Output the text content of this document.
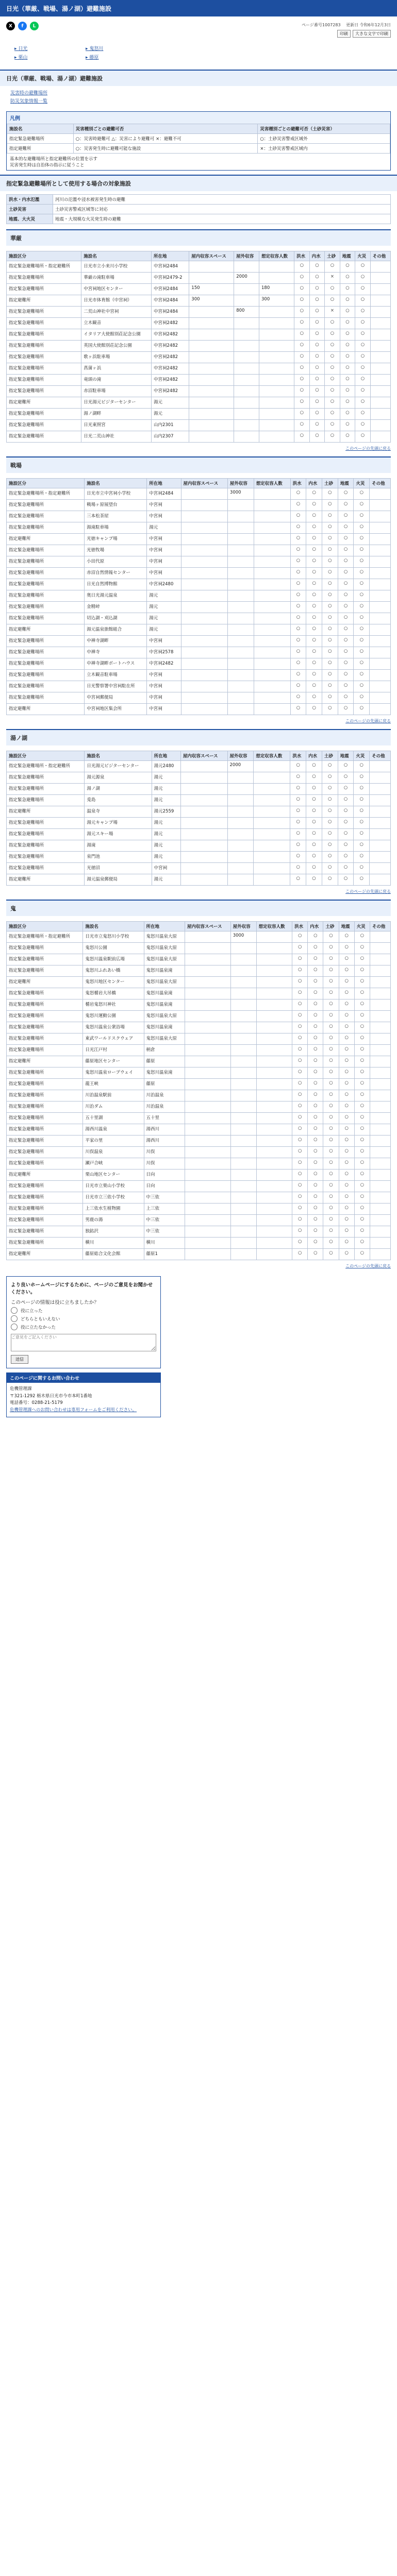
日光（華厳、戦場、湯ノ湖）避難施設
X	f	L	ページ番号1007283 更新日 令和6年12月3日
印刷	大きな文字で印刷
▸ 日光	▸ 鬼怒川
▸ 栗山	▸ 藤原
日光（華厳、戦場、湯ノ湖）避難施設
災害時の避難場所
防災気象情報一覧
凡例
施設名	災害種別ごとの避難可否	災害種別ごとの避難可否（土砂災害）
指定緊急避難場所	○：災害時避難可 △：災害により避難可 ×：避難不可	○：土砂災害警戒区域外
指定避難所	○：災害発生時に避難可能な施設	×：土砂災害警戒区域内
基本的な避難場所と指定避難所の位置を示す
災害発生時は自治体の指示に従うこと
指定緊急避難場所として使用する場合の対象施設
洪水・内水氾濫	河川の氾濫や浸水被害発生時の避難
土砂災害	土砂災害警戒区域等に対応
地震、大火災	地震・大規模な火災発生時の避難
華厳
施設区分	施設名	所在地	屋内収容スペース	屋外収容	想定収容人数	洪水	内水	土砂	地震	火災	その他
指定緊急避難場所・指定避難所	日光市立小来川小学校	中宮祠2484				○	○	○	○	○	
指定緊急避難場所	華厳の滝駐車場	中宮祠2479-2		2000		○	○	×	○	○	
指定緊急避難場所	中宮祠地区センター	中宮祠2484	150		180	○	○	○	○	○	
指定避難所	日光市体育館（中宮祠）	中宮祠2484	300		300	○	○	○	○	○	
指定緊急避難場所	二荒山神社中宮祠	中宮祠2484		800		○	○	×	○	○	
指定緊急避難場所	立木観音	中宮祠2482				○	○	○	○	○	
指定緊急避難場所	イタリア大使館別荘記念公園	中宮祠2482				○	○	○	○	○	
指定緊急避難場所	英国大使館別荘記念公園	中宮祠2482				○	○	○	○	○	
指定緊急避難場所	歌ヶ浜駐車場	中宮祠2482				○	○	○	○	○	
指定緊急避難場所	菖蒲ヶ浜	中宮祠2482				○	○	○	○	○	
指定緊急避難場所	竜頭の滝	中宮祠2482				○	○	○	○	○	
指定緊急避難場所	赤沼駐車場	中宮祠2482				○	○	○	○	○	
指定避難所	日光湯元ビジターセンター	湯元				○	○	○	○	○	
指定緊急避難場所	湯ノ湖畔	湯元				○	○	○	○	○	
指定緊急避難場所	日光東照宮	山内2301				○	○	○	○	○	
指定緊急避難場所	日光二荒山神社	山内2307				○	○	○	○	○	
このページの先頭に戻る
戦場
施設区分	施設名	所在地	屋内収容スペース	屋外収容	想定収容人数	洪水	内水	土砂	地震	火災	その他
指定緊急避難場所・指定避難所	日光市立中宮祠小学校	中宮祠2484		3000		○	○	○	○	○	
指定緊急避難場所	戦場ヶ原展望台	中宮祠				○	○	○	○	○	
指定緊急避難場所	三本松茶屋	中宮祠				○	○	○	○	○	
指定緊急避難場所	湯滝駐車場	湯元				○	○	○	○	○	
指定避難所	光徳キャンプ場	中宮祠				○	○	○	○	○	
指定緊急避難場所	光徳牧場	中宮祠				○	○	○	○	○	
指定緊急避難場所	小田代原	中宮祠				○	○	○	○	○	
指定緊急避難場所	赤沼自然情報センター	中宮祠				○	○	○	○	○	
指定緊急避難場所	日光自然博物館	中宮祠2480				○	○	○	○	○	
指定緊急避難場所	奥日光湯元温泉	湯元				○	○	○	○	○	
指定緊急避難場所	金精峠	湯元				○	○	○	○	○	
指定緊急避難場所	切込湖・刈込湖	湯元				○	○	○	○	○	
指定避難所	湯元温泉旅館組合	湯元				○	○	○	○	○	
指定緊急避難場所	中禅寺湖畔	中宮祠				○	○	○	○	○	
指定緊急避難場所	中禅寺	中宮祠2578				○	○	○	○	○	
指定緊急避難場所	中禅寺湖畔ボートハウス	中宮祠2482				○	○	○	○	○	
指定緊急避難場所	立木観音駐車場	中宮祠				○	○	○	○	○	
指定緊急避難場所	日光警察署中宮祠駐在所	中宮祠				○	○	○	○	○	
指定緊急避難場所	中宮祠郵便局	中宮祠				○	○	○	○	○	
指定避難所	中宮祠地区集会所	中宮祠				○	○	○	○	○	
このページの先頭に戻る
湯ノ湖
施設区分	施設名	所在地	屋内収容スペース	屋外収容	想定収容人数	洪水	内水	土砂	地震	火災	その他
指定緊急避難場所・指定避難所	日光湯元ビジターセンター	湯元2480		2000		○	○	○	○	○	
指定緊急避難場所	湯元源泉	湯元				○	○	○	○	○	
指定緊急避難場所	湯ノ湖	湯元				○	○	○	○	○	
指定緊急避難場所	兎島	湯元				○	○	○	○	○	
指定避難所	温泉寺	湯元2559				○	○	○	○	○	
指定緊急避難場所	湯元キャンプ場	湯元				○	○	○	○	○	
指定緊急避難場所	湯元スキー場	湯元				○	○	○	○	○	
指定緊急避難場所	湯滝	湯元				○	○	○	○	○	
指定緊急避難場所	泉門池	湯元				○	○	○	○	○	
指定緊急避難場所	光徳沼	中宮祠				○	○	○	○	○	
指定避難所	湯元温泉郵便局	湯元				○	○	○	○	○	
このページの先頭に戻る
鬼
施設区分	施設名	所在地	屋内収容スペース	屋外収容	想定収容人数	洪水	内水	土砂	地震	火災	その他
指定緊急避難場所・指定避難所	日光市立鬼怒川小学校	鬼怒川温泉大原		3000		○	○	○	○	○	
指定緊急避難場所	鬼怒川公園	鬼怒川温泉大原				○	○	○	○	○	
指定緊急避難場所	鬼怒川温泉駅前広場	鬼怒川温泉大原				○	○	○	○	○	
指定緊急避難場所	鬼怒川ふれあい橋	鬼怒川温泉滝				○	○	○	○	○	
指定避難所	鬼怒川地区センター	鬼怒川温泉大原				○	○	○	○	○	
指定緊急避難場所	鬼怒楯岩大吊橋	鬼怒川温泉滝				○	○	○	○	○	
指定緊急避難場所	楯岩鬼怒川神社	鬼怒川温泉滝				○	○	○	○	○	
指定緊急避難場所	鬼怒川運動公園	鬼怒川温泉大原				○	○	○	○	○	
指定緊急避難場所	鬼怒川温泉公衆浴場	鬼怒川温泉滝				○	○	○	○	○	
指定緊急避難場所	東武ワールドスクウェア	鬼怒川温泉大原				○	○	○	○	○	
指定緊急避難場所	日光江戸村	柄倉				○	○	○	○	○	
指定避難所	藤原地区センター	藤原				○	○	○	○	○	
指定緊急避難場所	鬼怒川温泉ロープウェイ	鬼怒川温泉滝				○	○	○	○	○	
指定緊急避難場所	龍王峡	藤原				○	○	○	○	○	
指定緊急避難場所	川治温泉駅前	川治温泉				○	○	○	○	○	
指定緊急避難場所	川治ダム	川治温泉				○	○	○	○	○	
指定緊急避難場所	五十里湖	五十里				○	○	○	○	○	
指定緊急避難場所	湯西川温泉	湯西川				○	○	○	○	○	
指定緊急避難場所	平家の里	湯西川				○	○	○	○	○	
指定緊急避難場所	川俣温泉	川俣				○	○	○	○	○	
指定緊急避難場所	瀬戸合峡	川俣				○	○	○	○	○	
指定避難所	栗山地区センター	日向				○	○	○	○	○	
指定緊急避難場所	日光市立栗山小学校	日向				○	○	○	○	○	
指定緊急避難場所	日光市立三依小学校	中三依				○	○	○	○	○	
指定緊急避難場所	上三依水生植物園	上三依				○	○	○	○	○	
指定緊急避難場所	男鹿の湯	中三依				○	○	○	○	○	
指定緊急避難場所	独鈷沢	中三依				○	○	○	○	○	
指定緊急避難場所	横川	横川				○	○	○	○	○	
指定避難所	藤原総合文化会館	藤原1				○	○	○	○	○	
このページの先頭に戻る
より良いホームページにするために、ページのご意見をお聞かせください。
このページの情報は役に立ちましたか？
役に立った
どちらともいえない
役に立たなかった
ご意見をご記入ください 送信
このページに関するお問い合わせ
危機管理課
〒321-1292 栃木県日光市今市本町1番地
電話番号：0288-21-5179
危機管理課へのお問い合わせは専用フォームをご利用ください。
